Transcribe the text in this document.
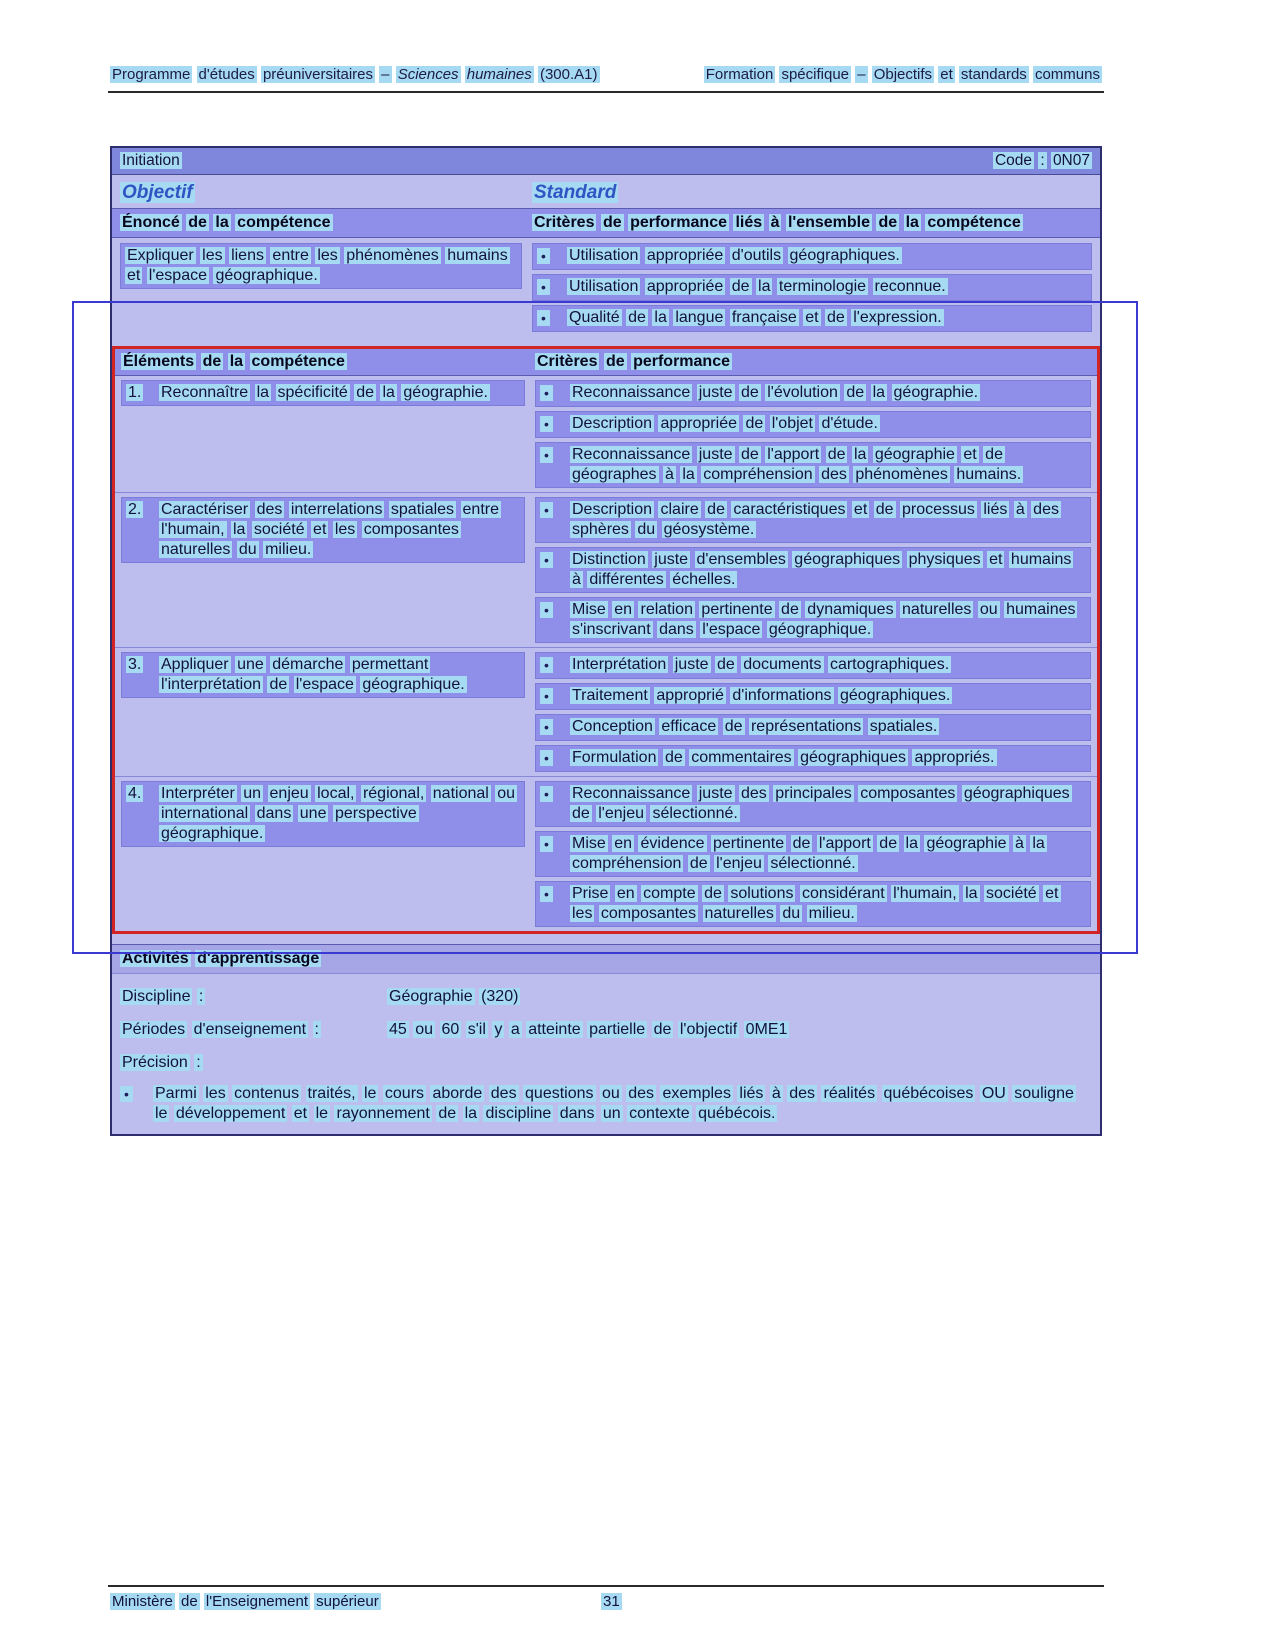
Programme d'études préuniversitaires – Sciences humaines (300.A1)	Formation spécifique – Objectifs et standards communs
Initiation	Code : 0N07
Objectif	Standard
Énoncé de la compétence	Critères de performance liés à l'ensemble de la compétence
Expliquer les liens entre les phénomènes humains et l'espace géographique.
•	Utilisation appropriée d'outils géographiques.
•	Utilisation appropriée de la terminologie reconnue.
•	Qualité de la langue française et de l'expression.
Éléments de la compétence	Critères de performance
1.	Reconnaître la spécificité de la géographie.	•	Reconnaissance juste de l'évolution de la géographie.
•	Description appropriée de l'objet d'étude.
•	Reconnaissance juste de l'apport de la géographie et de géographes à la compréhension des phénomènes humains.
2.	Caractériser des interrelations spatiales entre l'humain, la société et les composantes naturelles du milieu.
•	Description claire de caractéristiques et de processus liés à des sphères du géosystème.
•	Distinction juste d'ensembles géographiques physiques et humains à différentes échelles.
•	Mise en relation pertinente de dynamiques naturelles ou humaines s'inscrivant dans l'espace géographique.
3.	Appliquer une démarche permettant l'interprétation de l'espace géographique.
•	Interprétation juste de documents cartographiques.
•	Traitement approprié d'informations géographiques.
•	Conception efficace de représentations spatiales.
•	Formulation de commentaires géographiques appropriés.
4.	Interpréter un enjeu local, régional, national ou international dans une perspective géographique.
•	Reconnaissance juste des principales composantes géographiques de l'enjeu sélectionné.
•	Mise en évidence pertinente de l'apport de la géographie à la compréhension de l'enjeu sélectionné.
•	Prise en compte de solutions considérant l'humain, la société et les composantes naturelles du milieu.
Activités d'apprentissage
Discipline :	Géographie (320)
Périodes d'enseignement :	45 ou 60 s'il y a atteinte partielle de l'objectif 0ME1
Précision :
•	Parmi les contenus traités, le cours aborde des questions ou des exemples liés à des réalités québécoises OU souligne le développement et le rayonnement de la discipline dans un contexte québécois.
Ministère de l'Enseignement supérieur	31
